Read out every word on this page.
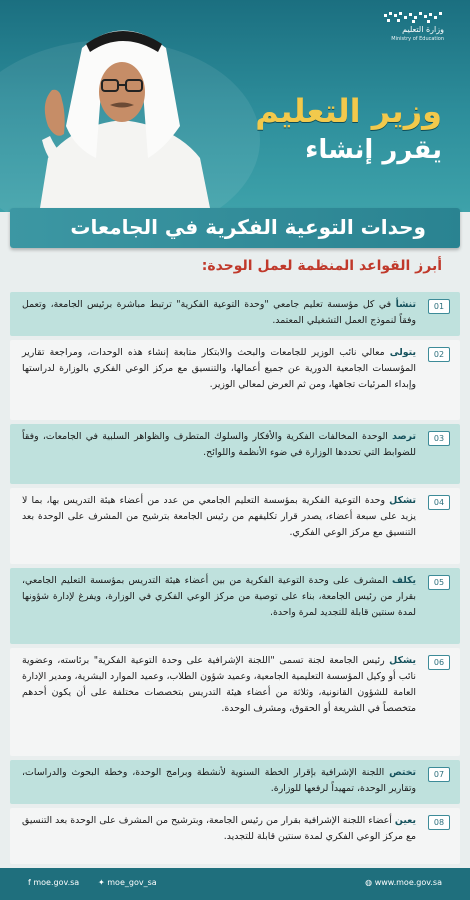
وزارة التعليم
Ministry of Education
وزير التعليم
يقرر إنشاء
وحدات التوعية الفكرية في الجامعات
أبرز القواعد المنظمة لعمل الوحدة:
01
تنشأ في كل مؤسسة تعليم جامعي "وحدة التوعية الفكرية" ترتبط مباشرة برئيس الجامعة، وتعمل وفقاً لنموذج العمل التشغيلي المعتمد.
02
يتولى معالي نائب الوزير للجامعات والبحث والابتكار متابعة إنشاء هذه الوحدات، ومراجعة تقارير المؤسسات الجامعية الدورية عن جميع أعمالها، والتنسيق مع مركز الوعي الفكري بالوزارة لدراستها وإبداء المرئيات تجاهها، ومن ثم العرض لمعالي الوزير.
03
ترصد الوحدة المخالفات الفكرية والأفكار والسلوك المتطرف والظواهر السلبية في الجامعات، وفقاً للضوابط التي تحددها الوزارة في ضوء الأنظمة واللوائح.
04
تشكل وحدة التوعية الفكرية بمؤسسة التعليم الجامعي من عدد من أعضاء هيئة التدريس بها، بما لا يزيد على سبعة أعضاء، يصدر قرار تكليفهم من رئيس الجامعة بترشيح من المشرف على الوحدة بعد التنسيق مع مركز الوعي الفكري.
05
يكلف المشرف على وحدة التوعية الفكرية من بين أعضاء هيئة التدريس بمؤسسة التعليم الجامعي، بقرار من رئيس الجامعة، بناء على توصية من مركز الوعي الفكري في الوزارة، ويفرغ لإدارة شؤونها لمدة سنتين قابلة للتجديد لمرة واحدة.
06
يشكل رئيس الجامعة لجنة تسمى "اللجنة الإشرافية على وحدة التوعية الفكرية" برئاسته، وعضوية نائب أو وكيل المؤسسة التعليمية الجامعية، وعميد شؤون الطلاب، وعميد الموارد البشرية، ومدير الإدارة العامة للشؤون القانونية، وثلاثة من أعضاء هيئة التدريس بتخصصات مختلفة على أن يكون أحدهم متخصصاً في الشريعة أو الحقوق، ومشرف الوحدة.
07
تختص اللجنة الإشرافية بإقرار الخطة السنوية لأنشطة وبرامج الوحدة، وخطة البحوث والدراسات، وتقارير الوحدة، تمهيداً لرفعها للوزارة.
08
يعين أعضاء اللجنة الإشرافية بقرار من رئيس الجامعة، وبترشيح من المشرف على الوحدة بعد التنسيق مع مركز الوعي الفكري لمدة سنتين قابلة للتجديد.
f moe.gov.sa ✦ moe_gov_sa	◍ www.moe.gov.sa
